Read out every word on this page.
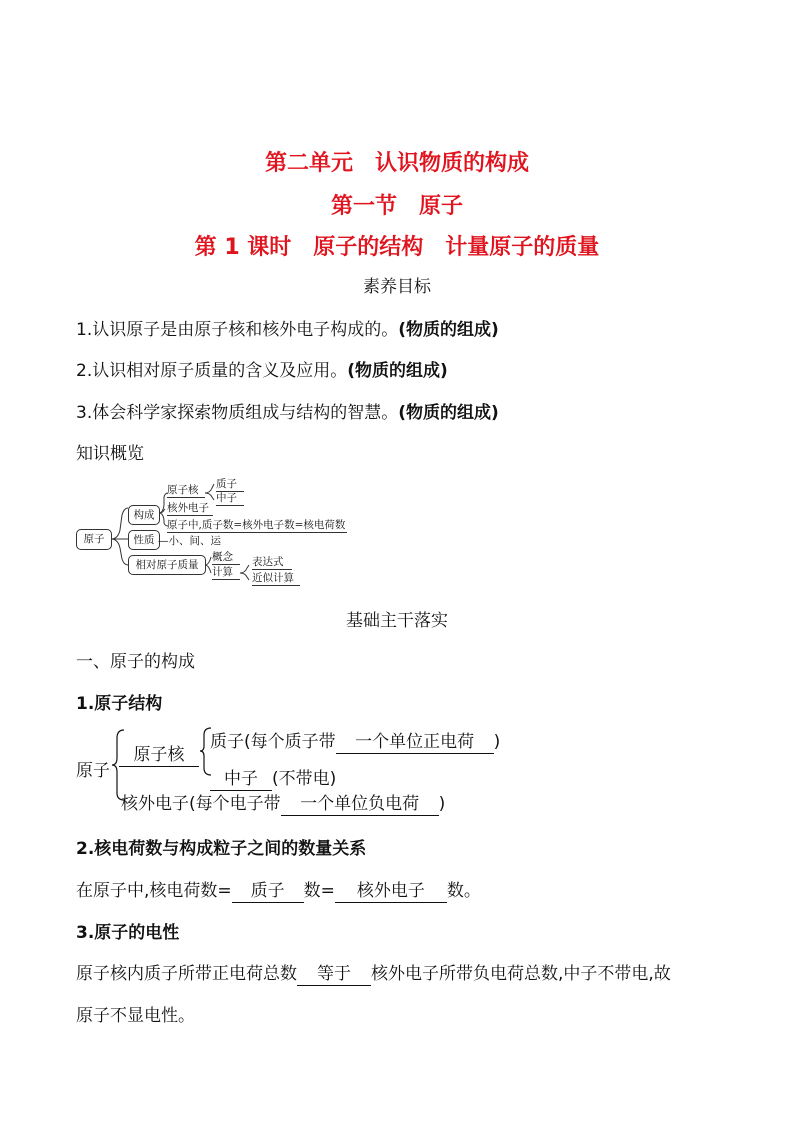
第二单元　认识物质的构成
第一节　原子
第 1 课时　原子的结构　计量原子的质量
素养目标
1.认识原子是由原子核和核外电子构成的。(物质的组成)
2.认识相对原子质量的含义及应用。(物质的组成)
3.体会科学家探索物质组成与结构的智慧。(物质的组成)
知识概览
原子
构成
性质
相对原子质量
原子核	质子
中子
核外电子
原子中,质子数=核外电子数=核电荷数
—小、间、运
概念
计算
表达式
近似计算
基础主干落实
一、原子的构成
1.原子结构
原子
原子核
质子(每个质子带 一个单位正电荷 )
中子 (不带电)
核外电子(每个电子带 一个单位负电荷 )
2.核电荷数与构成粒子之间的数量关系
在原子中,核电荷数= 质子 数= 核外电子 数。
3.原子的电性
原子核内质子所带正电荷总数 等于 核外电子所带负电荷总数,中子不带电,故
原子不显电性。
